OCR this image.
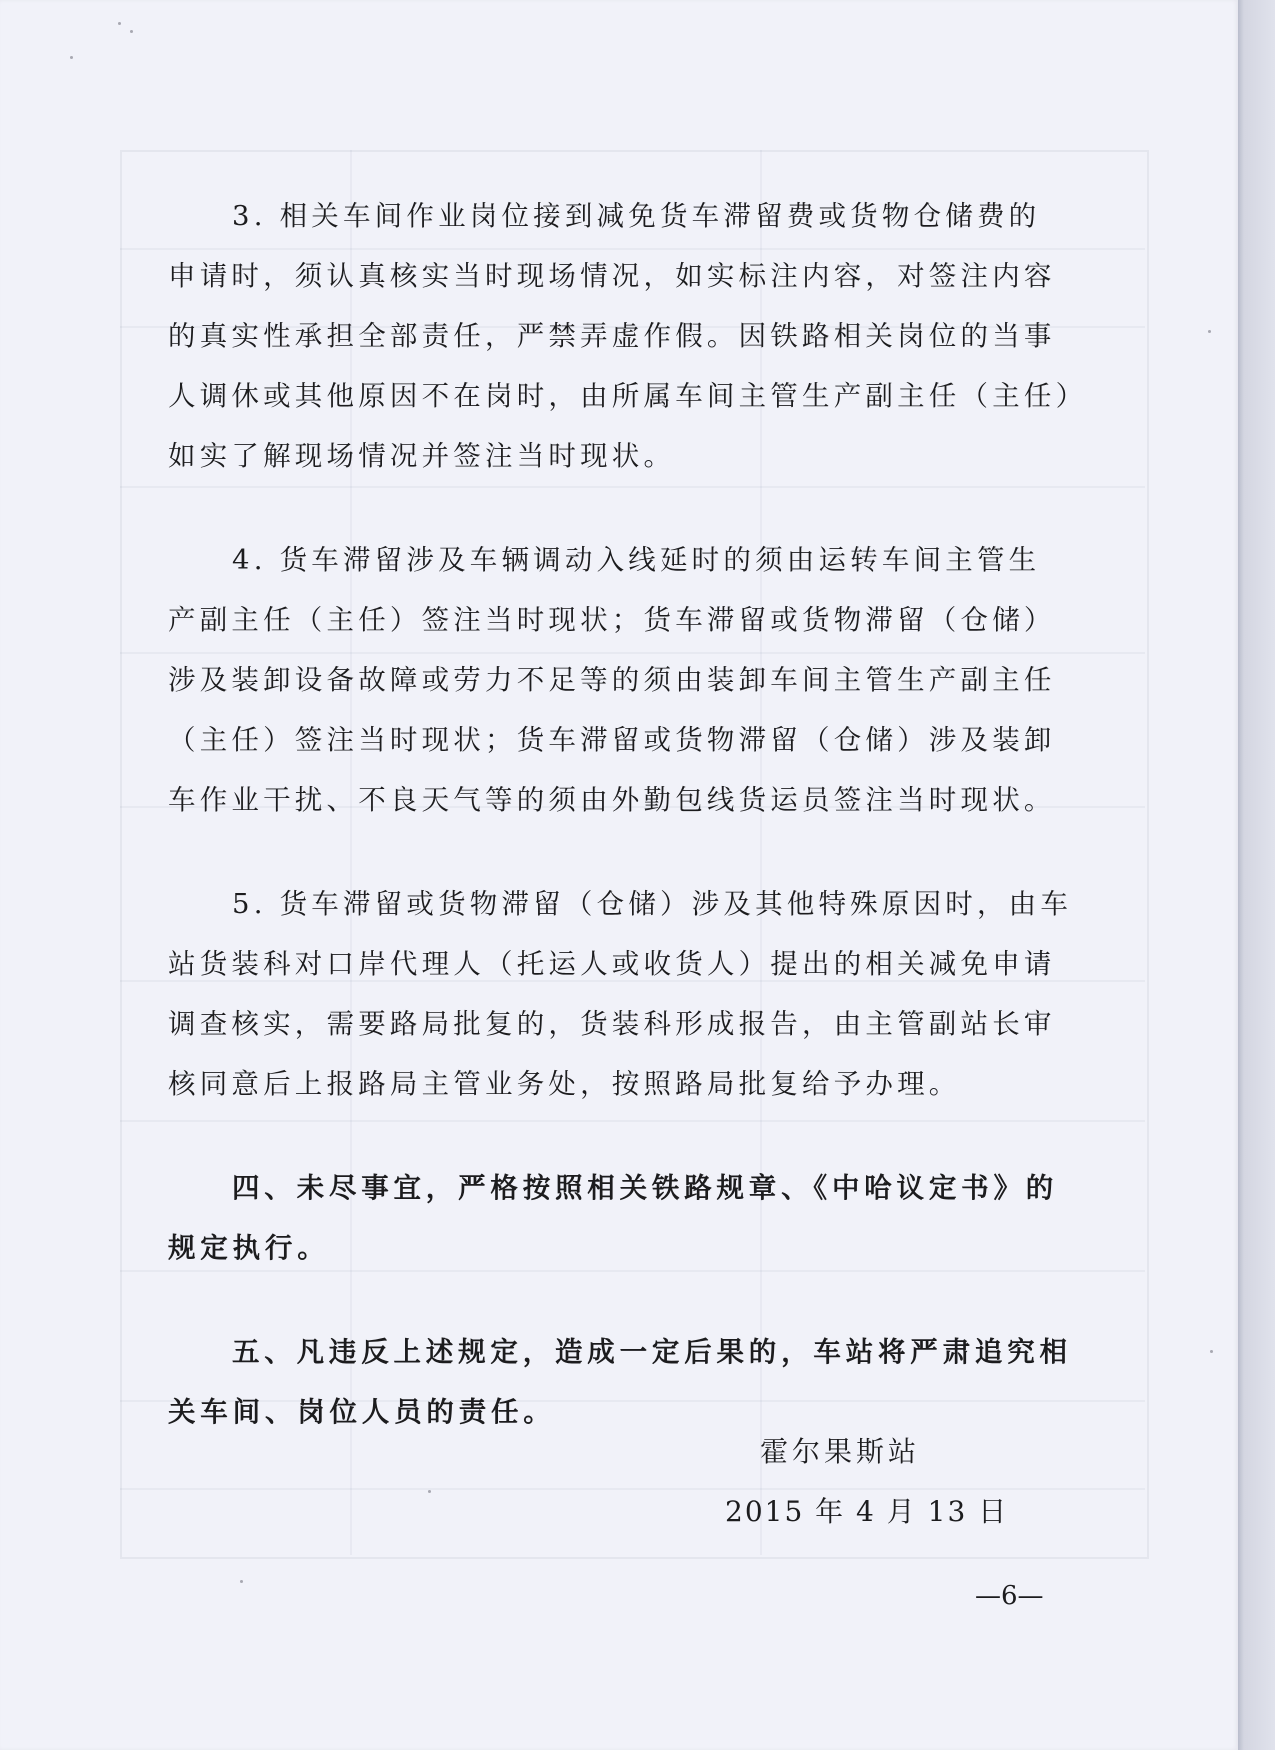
3. 相关车间作业岗位接到减免货车滞留费或货物仓储费的
申请时，须认真核实当时现场情况，如实标注内容，对签注内容
的真实性承担全部责任，严禁弄虚作假。因铁路相关岗位的当事
人调休或其他原因不在岗时，由所属车间主管生产副主任（主任）
如实了解现场情况并签注当时现状。
4. 货车滞留涉及车辆调动入线延时的须由运转车间主管生
产副主任（主任）签注当时现状；货车滞留或货物滞留（仓储）
涉及装卸设备故障或劳力不足等的须由装卸车间主管生产副主任
（主任）签注当时现状；货车滞留或货物滞留（仓储）涉及装卸
车作业干扰、不良天气等的须由外勤包线货运员签注当时现状。
5. 货车滞留或货物滞留（仓储）涉及其他特殊原因时，由车
站货装科对口岸代理人（托运人或收货人）提出的相关减免申请
调查核实，需要路局批复的，货装科形成报告，由主管副站长审
核同意后上报路局主管业务处，按照路局批复给予办理。
四、未尽事宜，严格按照相关铁路规章、《中哈议定书》的
规定执行。
五、凡违反上述规定，造成一定后果的，车站将严肃追究相
关车间、岗位人员的责任。
霍尔果斯站
2015 年 4 月 13 日
—6—
